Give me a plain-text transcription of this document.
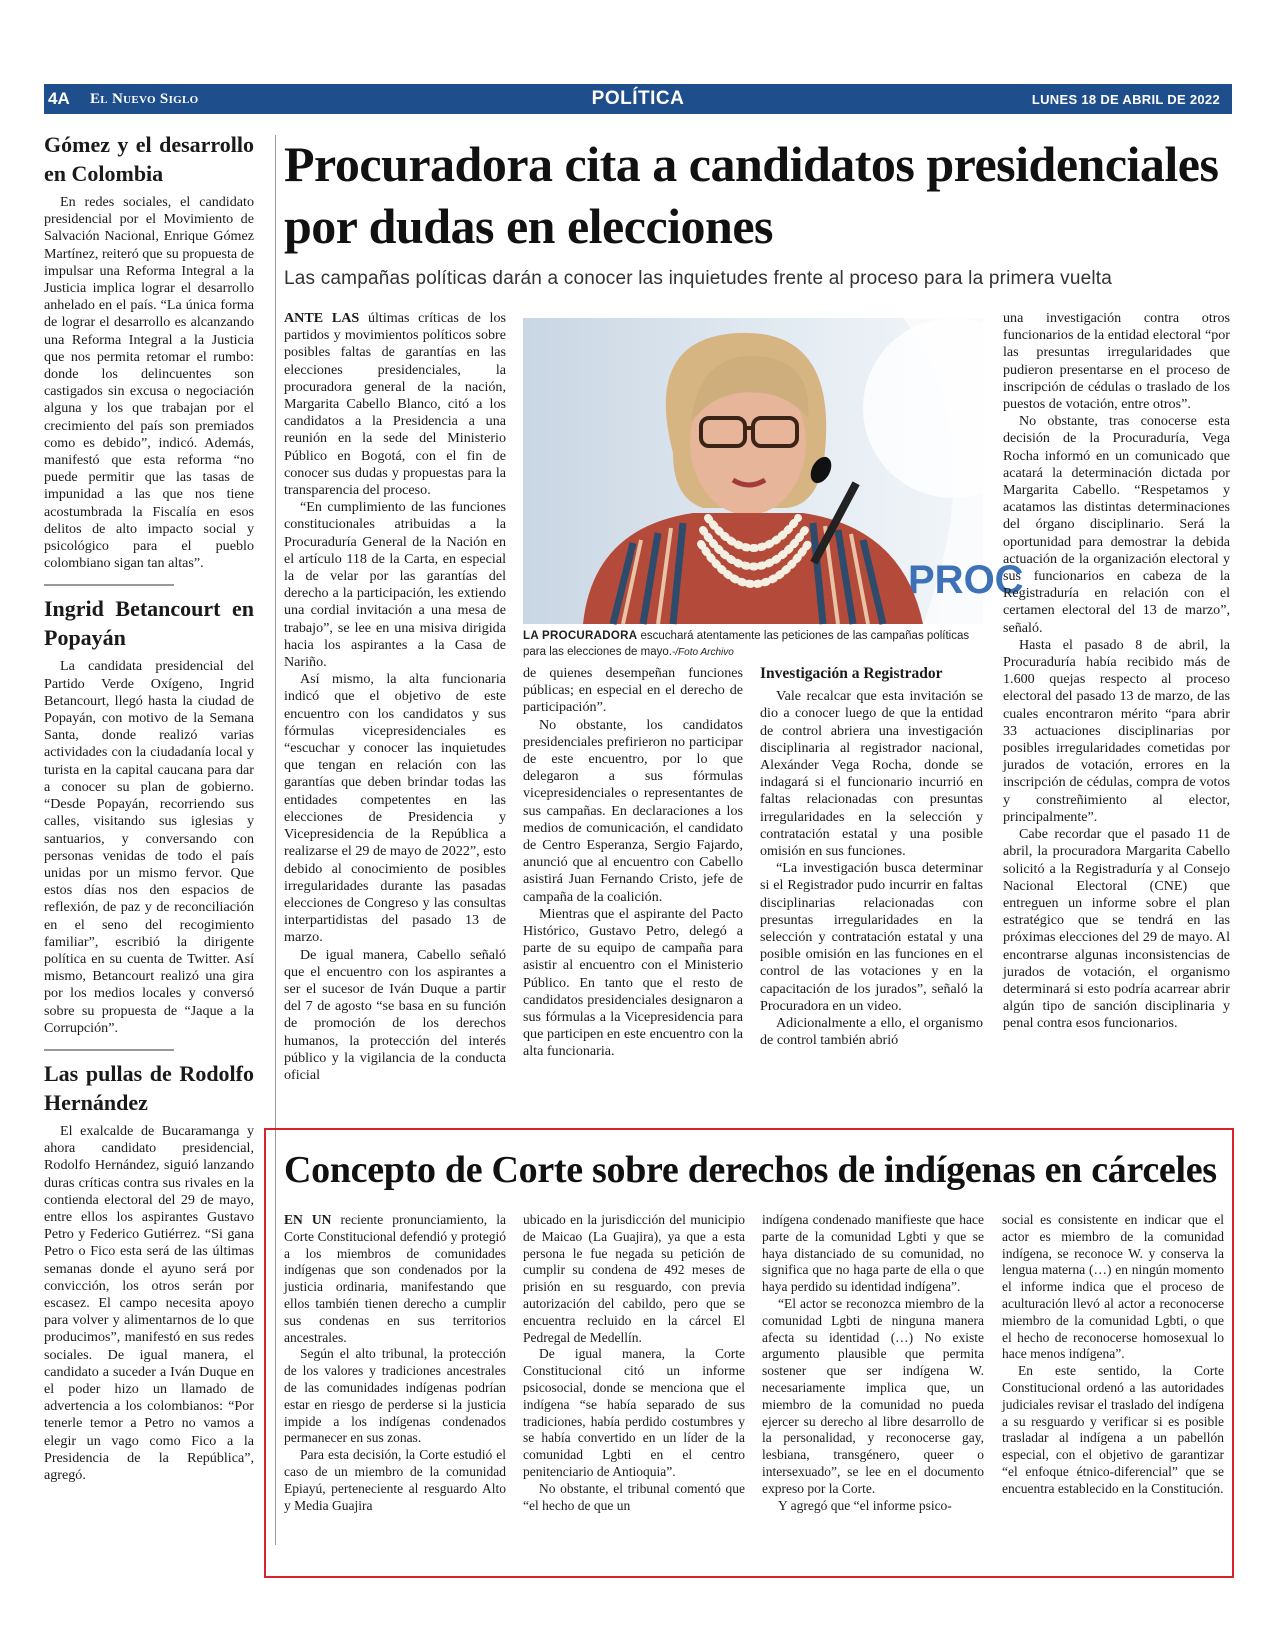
4A	El Nuevo Siglo	POLÍTICA	LUNES 18 DE ABRIL DE 2022
Gómez y el desarrollo en Colombia

En redes sociales, el candidato presidencial por el Movimiento de Salvación Nacional, Enrique Gómez Martínez, reiteró que su propuesta de impulsar una Reforma Integral a la Justicia implica lograr el desarrollo anhelado en el país. “La única forma de lograr el desarrollo es alcanzando una Reforma Integral a la Justicia que nos permita retomar el rumbo: donde los delincuentes son castigados sin excusa o negociación alguna y los que trabajan por el crecimiento del país son premiados como es debido”, indicó. Además, manifestó que esta reforma “no puede permitir que las tasas de impunidad a las que nos tiene acostumbrada la Fiscalía en esos delitos de alto impacto social y psicológico para el pueblo colombiano sigan tan altas”.

Ingrid Betancourt en Popayán

La candidata presidencial del Partido Verde Oxígeno, Ingrid Betancourt, llegó hasta la ciudad de Popayán, con motivo de la Semana Santa, donde realizó varias actividades con la ciudadanía local y turista en la capital caucana para dar a conocer su plan de gobierno. “Desde Popayán, recorriendo sus calles, visitando sus iglesias y santuarios, y conversando con personas venidas de todo el país unidas por un mismo fervor. Que estos días nos den espacios de reflexión, de paz y de reconciliación en el seno del recogimiento familiar”, escribió la dirigente política en su cuenta de Twitter. Así mismo, Betancourt realizó una gira por los medios locales y conversó sobre su propuesta de “Jaque a la Corrupción”.

Las pullas de Rodolfo Hernández

El exalcalde de Bucaramanga y ahora candidato presidencial, Rodolfo Hernández, siguió lanzando duras críticas contra sus rivales en la contienda electoral del 29 de mayo, entre ellos los aspirantes Gustavo Petro y Federico Gutiérrez. “Si gana Petro o Fico esta será de las últimas semanas donde el ayuno será por convicción, los otros serán por escasez. El campo necesita apoyo para volver y alimentarnos de lo que producimos”, manifestó en sus redes sociales. De igual manera, el candidato a suceder a Iván Duque en el poder hizo un llamado de advertencia a los colombianos: “Por tenerle temor a Petro no vamos a elegir un vago como Fico a la Presidencia de la República”, agregó.

Procuradora cita a candidatos presidenciales por dudas en elecciones
Las campañas políticas darán a conocer las inquietudes frente al proceso para la primera vuelta

ANTE LAS últimas críticas de los partidos y movimientos políticos sobre posibles faltas de garantías en las elecciones presidenciales, la procuradora general de la nación, Margarita Cabello Blanco, citó a los candidatos a la Presidencia a una reunión en la sede del Ministerio Público en Bogotá, con el fin de conocer sus dudas y propuestas para la transparencia del proceso.

“En cumplimiento de las funciones constitucionales atribuidas a la Procuraduría General de la Nación en el artículo 118 de la Carta, en especial la de velar por las garantías del derecho a la participación, les extiendo una cordial invitación a una mesa de trabajo”, se lee en una misiva dirigida hacia los aspirantes a la Casa de Nariño.

Así mismo, la alta funcionaria indicó que el objetivo de este encuentro con los candidatos y sus fórmulas vicepresidenciales es “escuchar y conocer las inquietudes que tengan en relación con las garantías que deben brindar todas las entidades competentes en las elecciones de Presidencia y Vicepresidencia de la República a realizarse el 29 de mayo de 2022”, esto debido al conocimiento de posibles irregularidades durante las pasadas elecciones de Congreso y las consultas interpartidistas del pasado 13 de marzo.

De igual manera, Cabello señaló que el encuentro con los aspirantes a ser el sucesor de Iván Duque a partir del 7 de agosto “se basa en su función de promoción de los derechos humanos, la protección del interés público y la vigilancia de la conducta oficial

PROC
LA PROCURADORA escuchará atentamente las peticiones de las campañas políticas para las elecciones de mayo.-/Foto Archivo

de quienes desempeñan funciones públicas; en especial en el derecho de participación”.

No obstante, los candidatos presidenciales prefirieron no participar de este encuentro, por lo que delegaron a sus fórmulas vicepresidenciales o representantes de sus campañas. En declaraciones a los medios de comunicación, el candidato de Centro Esperanza, Sergio Fajardo, anunció que al encuentro con Cabello asistirá Juan Fernando Cristo, jefe de campaña de la coalición.

Mientras que el aspirante del Pacto Histórico, Gustavo Petro, delegó a parte de su equipo de campaña para asistir al encuentro con el Ministerio Público. En tanto que el resto de candidatos presidenciales designaron a sus fórmulas a la Vicepresidencia para que participen en este encuentro con la alta funcionaria.

Investigación a Registrador

Vale recalcar que esta invitación se dio a conocer luego de que la entidad de control abriera una investigación disciplinaria al registrador nacional, Alexánder Vega Rocha, donde se indagará si el funcionario incurrió en faltas relacionadas con presuntas irregularidades en la selección y contratación estatal y una posible omisión en sus funciones.

“La investigación busca determinar si el Registrador pudo incurrir en faltas disciplinarias relacionadas con presuntas irregularidades en la selección y contratación estatal y una posible omisión en las funciones en el control de las votaciones y en la capacitación de los jurados”, señaló la Procuradora en un video.

Adicionalmente a ello, el organismo de control también abrió

una investigación contra otros funcionarios de la entidad electoral “por las presuntas irregularidades que pudieron presentarse en el proceso de inscripción de cédulas o traslado de los puestos de votación, entre otros”.

No obstante, tras conocerse esta decisión de la Procuraduría, Vega Rocha informó en un comunicado que acatará la determinación dictada por Margarita Cabello. “Respetamos y acatamos las distintas determinaciones del órgano disciplinario. Será la oportunidad para demostrar la debida actuación de la organización electoral y sus funcionarios en cabeza de la Registraduría en relación con el certamen electoral del 13 de marzo”, señaló.

Hasta el pasado 8 de abril, la Procuraduría había recibido más de 1.600 quejas respecto al proceso electoral del pasado 13 de marzo, de las cuales encontraron mérito “para abrir 33 actuaciones disciplinarias por posibles irregularidades cometidas por jurados de votación, errores en la inscripción de cédulas, compra de votos y constreñimiento al elector, principalmente”.

Cabe recordar que el pasado 11 de abril, la procuradora Margarita Cabello solicitó a la Registraduría y al Consejo Nacional Electoral (CNE) que entreguen un informe sobre el plan estratégico que se tendrá en las próximas elecciones del 29 de mayo. Al encontrarse algunas inconsistencias de jurados de votación, el organismo determinará si esto podría acarrear abrir algún tipo de sanción disciplinaria y penal contra esos funcionarios.

Concepto de Corte sobre derechos de indígenas en cárceles

EN UN reciente pronunciamiento, la Corte Constitucional defendió y protegió a los miembros de comunidades indígenas que son condenados por la justicia ordinaria, manifestando que ellos también tienen derecho a cumplir sus condenas en sus territorios ancestrales.

Según el alto tribunal, la protección de los valores y tradiciones ancestrales de las comunidades indígenas podrían estar en riesgo de perderse si la justicia impide a los indígenas condenados permanecer en sus zonas.

Para esta decisión, la Corte estudió el caso de un miembro de la comunidad Epiayú, perteneciente al resguardo Alto y Media Guajira

ubicado en la jurisdicción del municipio de Maicao (La Guajira), ya que a esta persona le fue negada su petición de cumplir su condena de 492 meses de prisión en su resguardo, con previa autorización del cabildo, pero que se encuentra recluido en la cárcel El Pedregal de Medellín.

De igual manera, la Corte Constitucional citó un informe psicosocial, donde se menciona que el indígena “se había separado de sus tradiciones, había perdido costumbres y se había convertido en un líder de la comunidad Lgbti en el centro penitenciario de Antioquia”.

No obstante, el tribunal comentó que “el hecho de que un

indígena condenado manifieste que hace parte de la comunidad Lgbti y que se haya distanciado de su comunidad, no significa que no haga parte de ella o que haya perdido su identidad indígena”.

“El actor se reconozca miembro de la comunidad Lgbti de ninguna manera afecta su identidad (…) No existe argumento plausible que permita sostener que ser indígena W. necesariamente implica que, un miembro de la comunidad no pueda ejercer su derecho al libre desarrollo de la personalidad, y reconocerse gay, lesbiana, transgénero, queer o intersexuado”, se lee en el documento expreso por la Corte.

Y agregó que “el informe psico-

social es consistente en indicar que el actor es miembro de la comunidad indígena, se reconoce W. y conserva la lengua materna (…) en ningún momento el informe indica que el proceso de aculturación llevó al actor a reconocerse miembro de la comunidad Lgbti, o que el hecho de reconocerse homosexual lo hace menos indígena”.

En este sentido, la Corte Constitucional ordenó a las autoridades judiciales revisar el traslado del indígena a su resguardo y verificar si es posible trasladar al indígena a un pabellón especial, con el objetivo de garantizar “el enfoque étnico-diferencial” que se encuentra establecido en la Constitución.
